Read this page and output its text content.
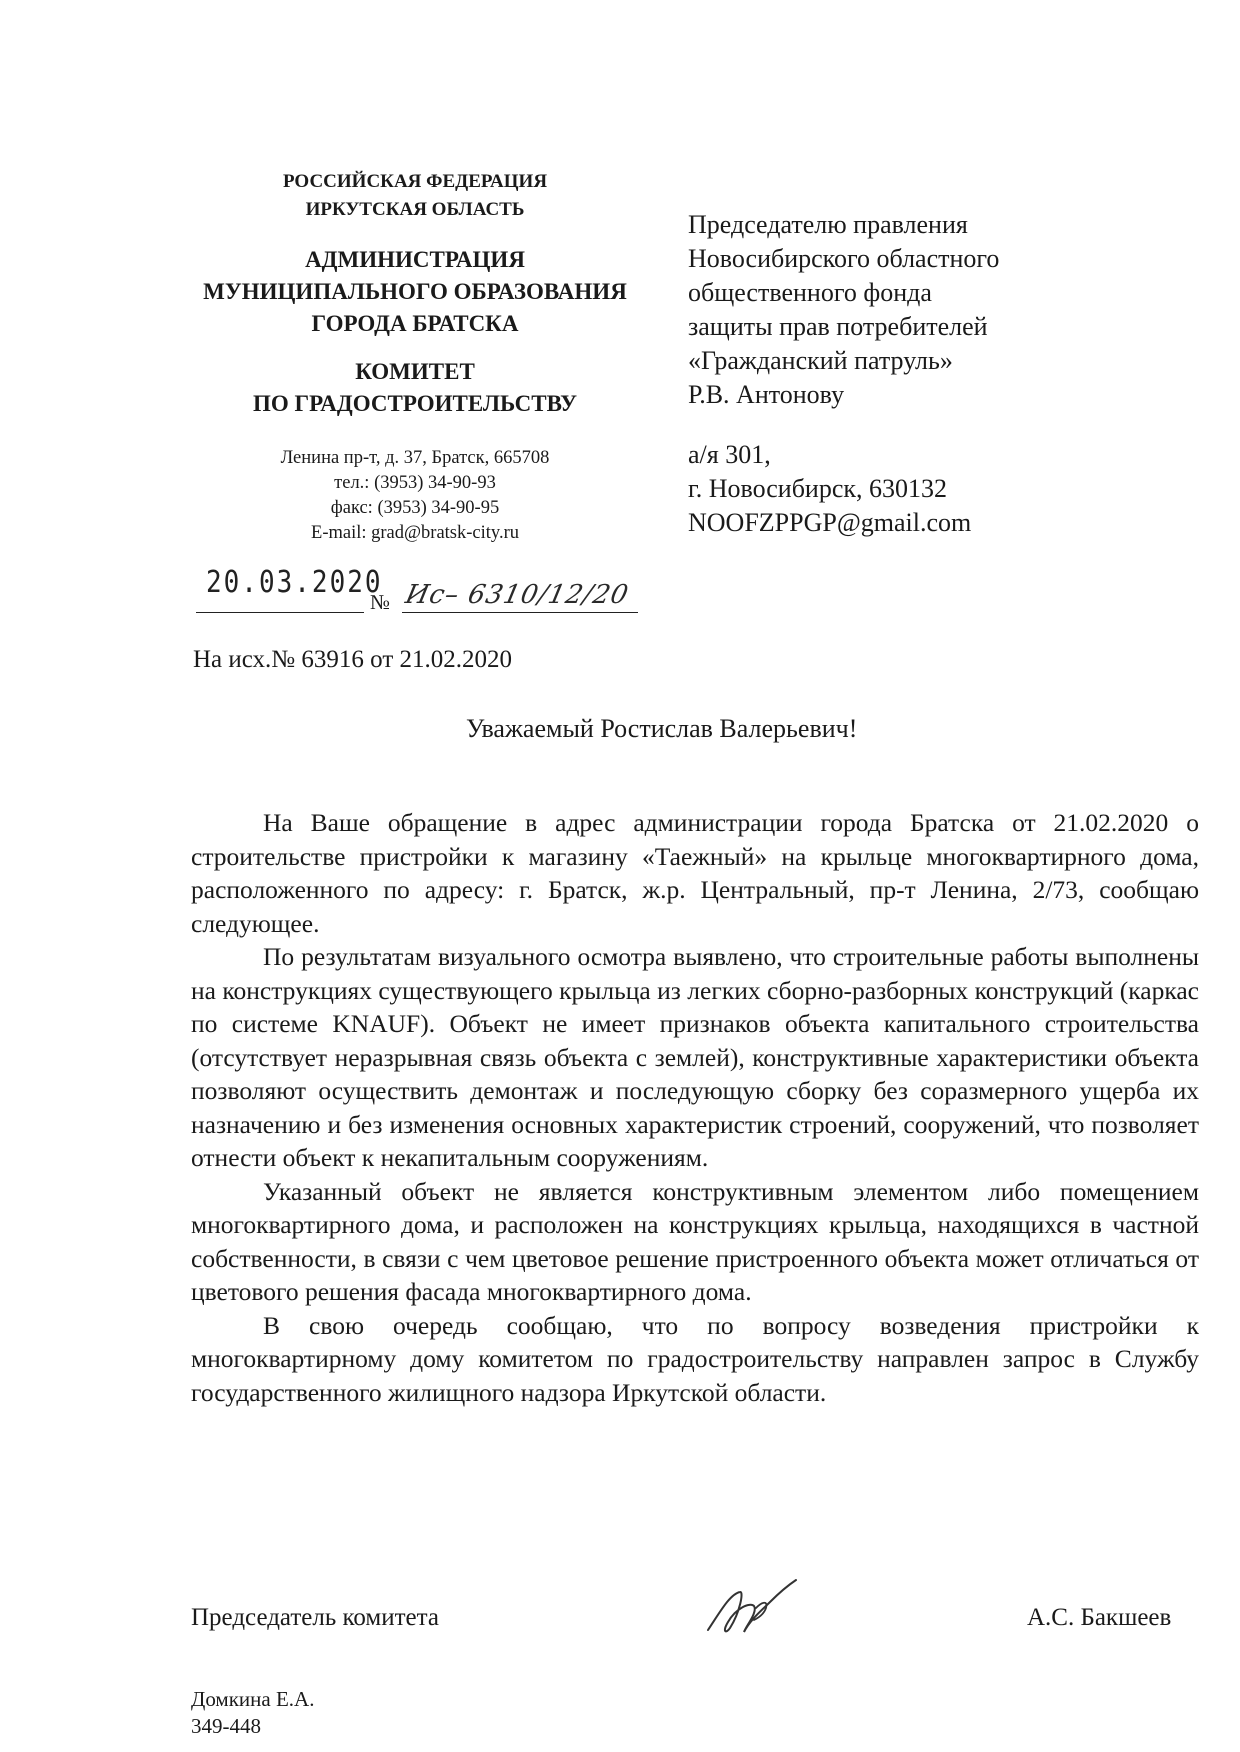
РОССИЙСКАЯ ФЕДЕРАЦИЯ
ИРКУТСКАЯ ОБЛАСТЬ
АДМИНИСТРАЦИЯ
МУНИЦИПАЛЬНОГО ОБРАЗОВАНИЯ
ГОРОДА БРАТСКА
КОМИТЕТ
ПО ГРАДОСТРОИТЕЛЬСТВУ
Ленина пр-т, д. 37, Братск, 665708
тел.: (3953) 34-90-93
факс: (3953) 34-90-95
E-mail: grad@bratsk-city.ru
20.03.2020
№ Ис– 6310/12/20
Председателю правления
Новосибирского областного
общественного фонда
защиты прав потребителей
«Гражданский патруль»
Р.В. Антонову
а/я 301,
г. Новосибирск, 630132
NOOFZPPGP@gmail.com
На исх.№ 63916 от 21.02.2020
Уважаемый Ростислав Валерьевич!

На Ваше обращение в адрес администрации города Братска от 21.02.2020 о строительстве пристройки к магазину «Таежный» на крыльце многоквартирного дома, расположенного по адресу: г. Братск, ж.р. Центральный, пр-т Ленина, 2/73, сообщаю следующее.

По результатам визуального осмотра выявлено, что строительные работы выполнены на конструкциях существующего крыльца из легких сборно-разборных конструкций (каркас по системе KNAUF). Объект не имеет признаков объекта капитального строительства (отсутствует неразрывная связь объекта с землей), конструктивные характеристики объекта позволяют осуществить демонтаж и последующую сборку без соразмерного ущерба их назначению и без изменения основных характеристик строений, сооружений, что позволяет отнести объект к некапитальным сооружениям.

Указанный объект не является конструктивным элементом либо помещением многоквартирного дома, и расположен на конструкциях крыльца, находящихся в частной собственности, в связи с чем цветовое решение пристроенного объекта может отличаться от цветового решения фасада многоквартирного дома.

В свою очередь сообщаю, что по вопросу возведения пристройки к многоквартирному дому комитетом по градостроительству направлен запрос в Службу государственного жилищного надзора Иркутской области.

Председатель комитета	А.С. Бакшеев
Домкина Е.А.
349-448
